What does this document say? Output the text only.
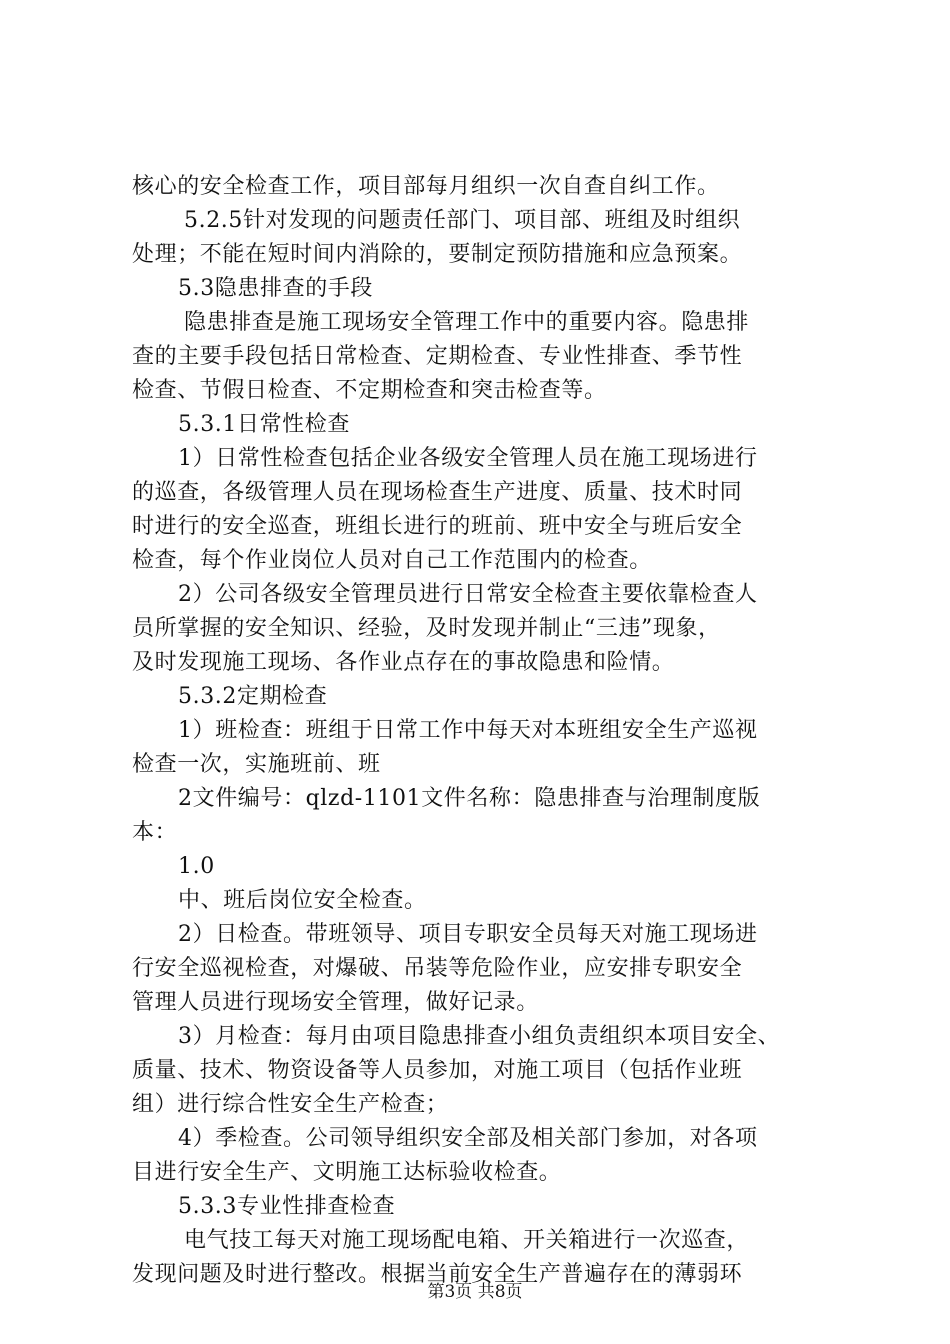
核心的安全检查工作，项目部每月组织一次自查自纠工作。
5.2.5针对发现的问题责任部门、项目部、班组及时组织
处理；不能在短时间内消除的，要制定预防措施和应急预案。
5.3隐患排查的手段
隐患排查是施工现场安全管理工作中的重要内容。隐患排
查的主要手段包括日常检查、定期检查、专业性排查、季节性
检查、节假日检查、不定期检查和突击检查等。
5.3.1日常性检查
1）日常性检查包括企业各级安全管理人员在施工现场进行
的巡查，各级管理人员在现场检查生产进度、质量、技术时同
时进行的安全巡查，班组长进行的班前、班中安全与班后安全
检查，每个作业岗位人员对自己工作范围内的检查。
2）公司各级安全管理员进行日常安全检查主要依靠检查人
员所掌握的安全知识、经验，及时发现并制止“三违”现象，
及时发现施工现场、各作业点存在的事故隐患和险情。
5.3.2定期检查
1）班检查：班组于日常工作中每天对本班组安全生产巡视
检查一次，实施班前、班
2文件编号：qlzd-1101文件名称：隐患排查与治理制度版
本：
1.0
中、班后岗位安全检查。
2）日检查。带班领导、项目专职安全员每天对施工现场进
行安全巡视检查，对爆破、吊装等危险作业，应安排专职安全
管理人员进行现场安全管理，做好记录。
3）月检查：每月由项目隐患排查小组负责组织本项目安全、
质量、技术、物资设备等人员参加，对施工项目（包括作业班
组）进行综合性安全生产检查；
4）季检查。公司领导组织安全部及相关部门参加，对各项
目进行安全生产、文明施工达标验收检查。
5.3.3专业性排查检查
电气技工每天对施工现场配电箱、开关箱进行一次巡查，
发现问题及时进行整改。根据当前安全生产普遍存在的薄弱环
第3页 共8页
